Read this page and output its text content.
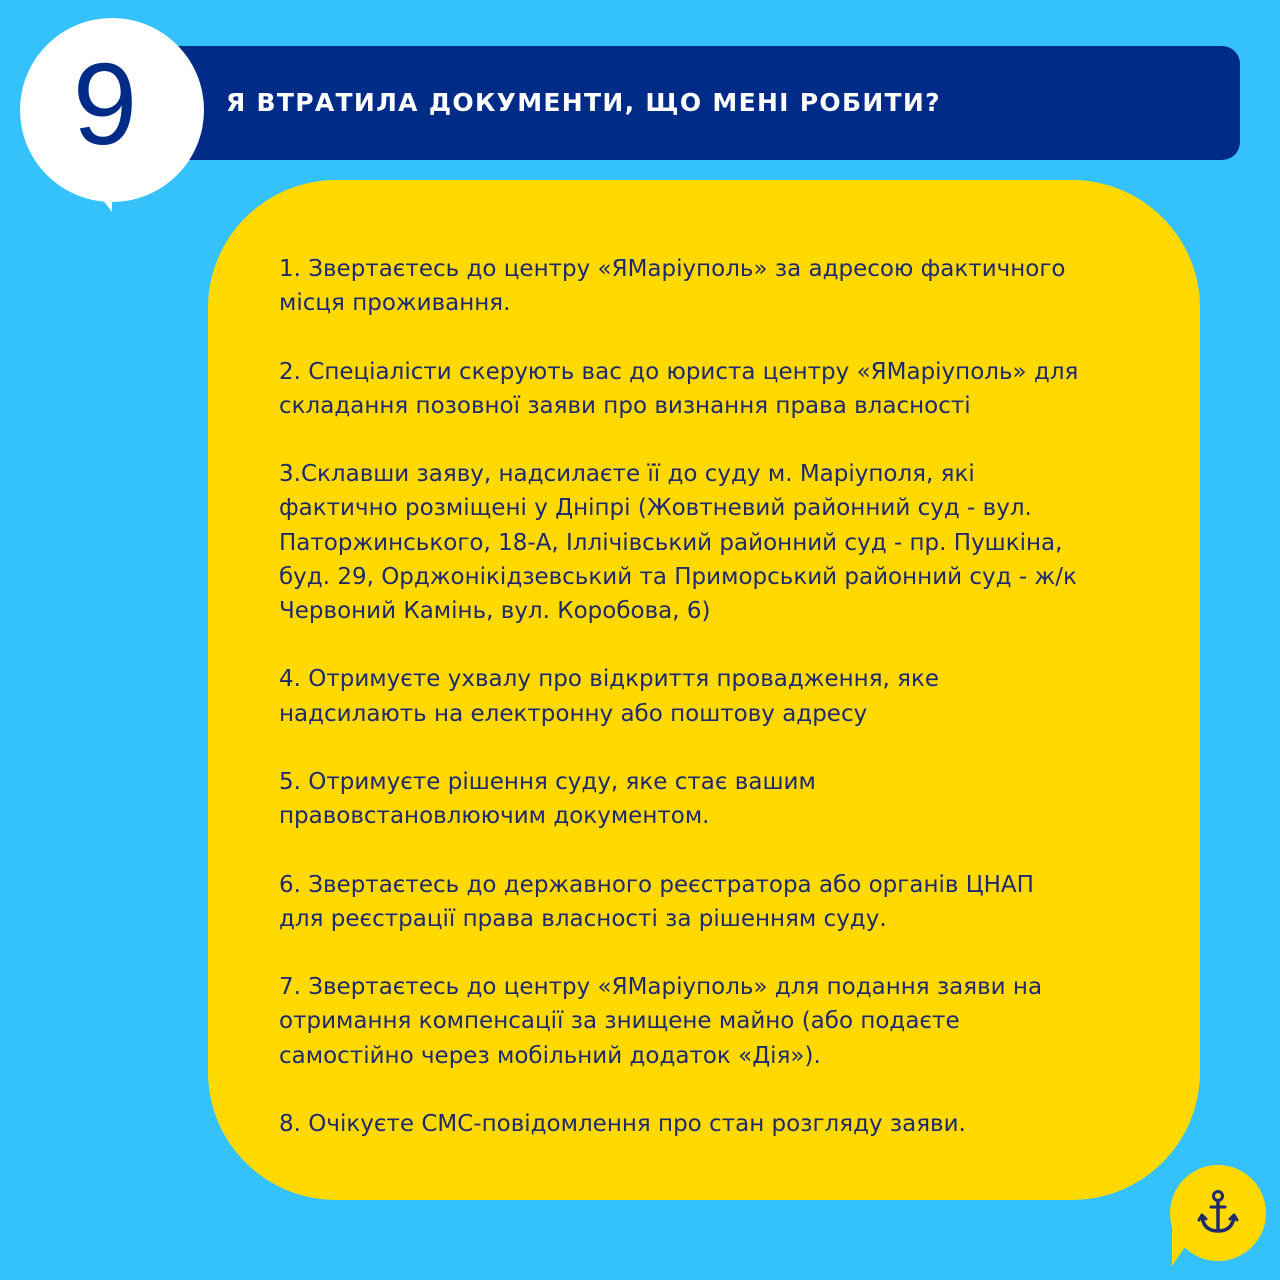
Я ВТРАТИЛА ДОКУМЕНТИ, ЩО МЕНІ РОБИТИ?
9
1. Звертаєтесь до центру «ЯМаріуполь» за адресою фактичного
місця проживання.
2. Спеціалісти скерують вас до юриста центру «ЯМаріуполь» для
складання позовної заяви про визнання права власності
3.Склавши заяву, надсилаєте її до суду м. Маріуполя, які
фактично розміщені у Дніпрі (Жовтневий районний суд - вул.
Паторжинського, 18-А, Іллічівський районний суд - пр. Пушкіна,
буд. 29, Орджонікідзевський та Приморський районний суд - ж/к
Червоний Камінь, вул. Коробова, 6)
4. Отримуєте ухвалу про відкриття провадження, яке
надсилають на електронну або поштову адресу
5. Отримуєте рішення суду, яке стає вашим
правовстановлюючим документом.
6. Звертаєтесь до державного реєстратора або органів ЦНАП
для реєстрації права власності за рішенням суду.
7. Звертаєтесь до центру «ЯМаріуполь» для подання заяви на
отримання компенсації за знищене майно (або подаєте
самостійно через мобільний додаток «Дія»).
8. Очікуєте СМС-повідомлення про стан розгляду заяви.
